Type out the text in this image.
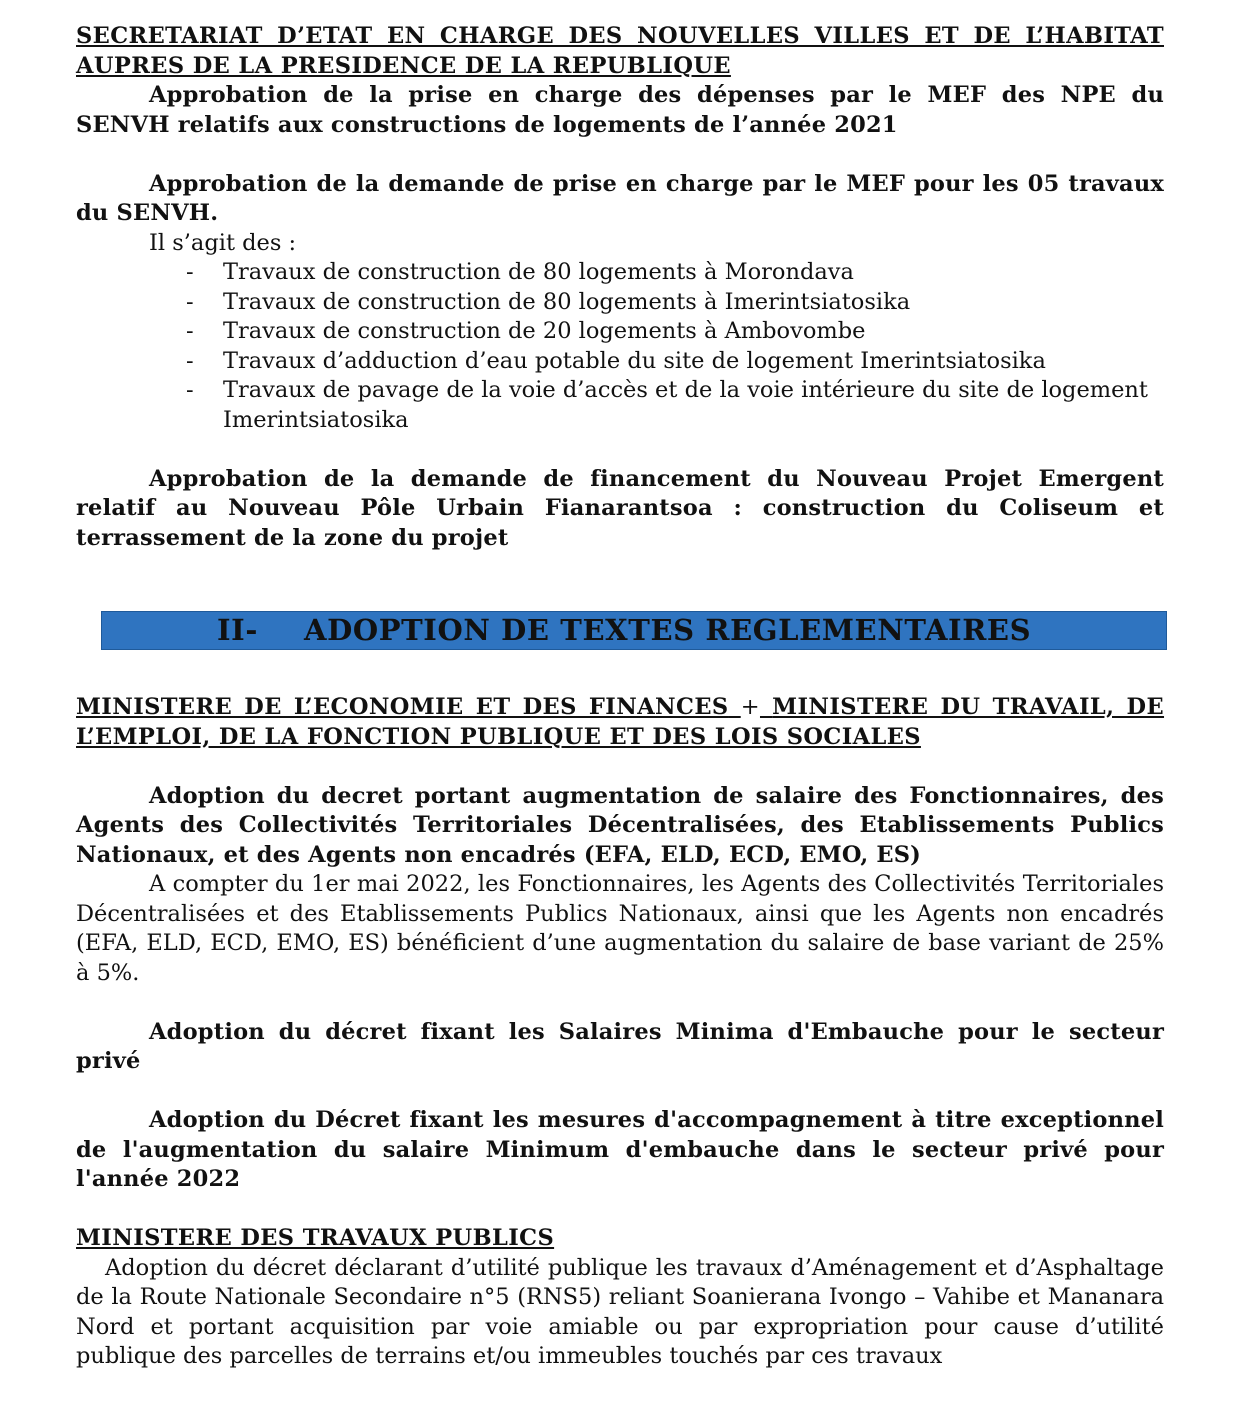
SECRETARIAT D’ETAT EN CHARGE DES NOUVELLES VILLES ET DE L’HABITAT AUPRES DE LA PRESIDENCE DE LA REPUBLIQUE

Approbation de la prise en charge des dépenses par le MEF des NPE du SENVH relatifs aux constructions de logements de l’année 2021

Approbation de la demande de prise en charge par le MEF pour les 05 travaux du SENVH.

Il s’agit des :

- Travaux de construction de 80 logements à Morondava
- Travaux de construction de 80 logements à Imerintsiatosika
- Travaux de construction de 20 logements à Ambovombe
- Travaux d’adduction d’eau potable du site de logement Imerintsiatosika
- Travaux de pavage de la voie d’accès et de la voie intérieure du site de logement Imerintsiatosika

Approbation de la demande de financement du Nouveau Projet Emergent relatif au Nouveau Pôle Urbain Fianarantsoa : construction du Coliseum et terrassement de la zone du projet

MINISTERE DE L’ECONOMIE ET DES FINANCES + MINISTERE DU TRAVAIL, DE L’EMPLOI, DE LA FONCTION PUBLIQUE ET DES LOIS SOCIALES

Adoption du decret portant augmentation de salaire des Fonctionnaires, des Agents des Collectivités Territoriales Décentralisées, des Etablissements Publics Nationaux, et des Agents non encadrés (EFA, ELD, ECD, EMO, ES)

A compter du 1er mai 2022, les Fonctionnaires, les Agents des Collectivités Territoriales Décentralisées et des Etablissements Publics Nationaux, ainsi que les Agents non encadrés (EFA, ELD, ECD, EMO, ES) bénéficient d’une augmentation du salaire de base variant de 25% à 5%.

Adoption du décret fixant les Salaires Minima d'Embauche pour le secteur privé

Adoption du Décret fixant les mesures d'accompagnement à titre exceptionnel de l'augmentation du salaire Minimum d'embauche dans le secteur privé pour l'année 2022

MINISTERE DES TRAVAUX PUBLICS

Adoption du décret déclarant d’utilité publique les travaux d’Aménagement et d’Asphaltage de la Route Nationale Secondaire n°5 (RNS5) reliant Soanierana Ivongo – Vahibe et Mananara Nord et portant acquisition par voie amiable ou par expropriation pour cause d’utilité publique des parcelles de terrains et/ou immeubles touchés par ces travaux

II- ADOPTION DE TEXTES REGLEMENTAIRES
